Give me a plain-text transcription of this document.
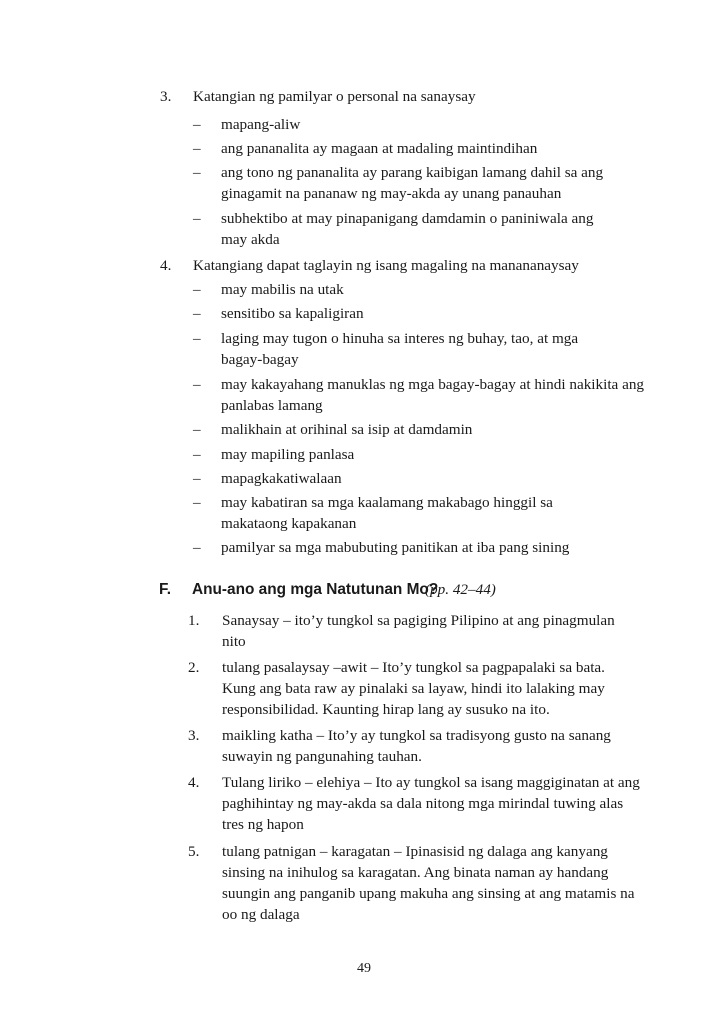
3. Katangian ng pamilyar o personal na sanaysay
– mapang-aliw
– ang pananalita ay magaan at madaling maintindihan
– ang tono ng pananalita ay parang kaibigan lamang dahil sa ang ginagamit na pananaw ng may-akda ay unang panauhan
– subhektibo at may pinapanigang damdamin o paniniwala ang may akda
4. Katangiang dapat taglayin ng isang magaling na manananaysay
– may mabilis na utak
– sensitibo sa kapaligiran
– laging may tugon o hinuha sa interes ng buhay, tao, at mga bagay-bagay
– may kakayahang manuklas ng mga bagay-bagay at hindi nakikita ang panlabas lamang
– malikhain at orihinal sa isip at damdamin
– may mapiling panlasa
– mapagkakatiwalaan
– may kabatiran sa mga kaalamang makabago hinggil sa makataong kapakanan
– pamilyar sa mga mabubuting panitikan at iba pang sining
F. Anu-ano ang mga Natutunan Mo?
(pp. 42–44)
1. Sanaysay – ito’y tungkol sa pagiging Pilipino at ang pinagmulan nito
2. tulang pasalaysay –awit – Ito’y tungkol sa pagpapalaki sa bata. Kung ang bata raw ay pinalaki sa layaw, hindi ito lalaking may responsibilidad. Kaunting hirap lang ay susuko na ito.
3. maikling katha – Ito’y ay tungkol sa tradisyong gusto na sanang suwayin ng pangunahing tauhan.
4. Tulang liriko – elehiya – Ito ay tungkol sa isang maggiginatan at ang paghihintay ng may-akda sa dala nitong mga mirindal tuwing alas tres ng hapon
5. tulang patnigan – karagatan – Ipinasisid ng dalaga ang kanyang sinsing na inihulog sa karagatan. Ang binata naman ay handang suungin ang panganib upang makuha ang sinsing at ang matamis na oo ng dalaga
49
